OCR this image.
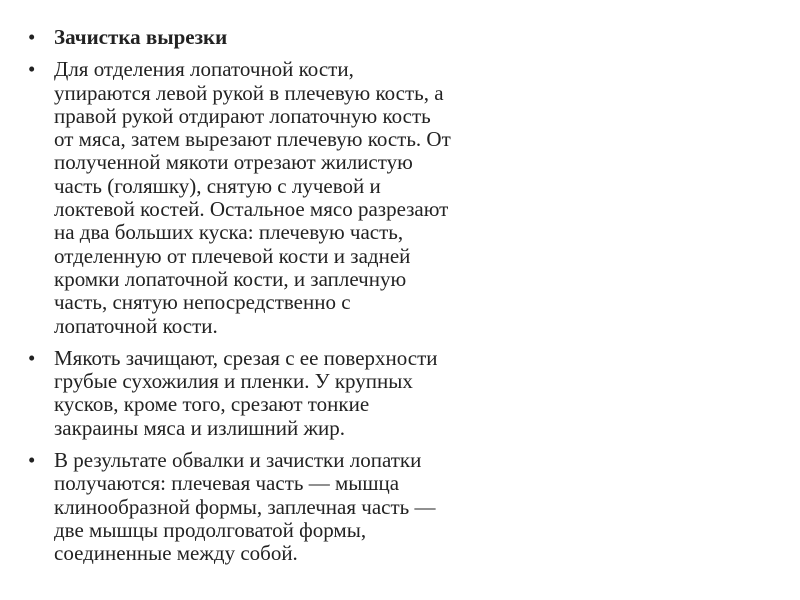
• Зачистка вырезки
• Для отделения лопаточной кости,
упираются левой рукой в плечевую кость, а
правой рукой отдирают лопаточную кость
от мяса, затем вырезают плечевую кость. От
полученной мякоти отрезают жилистую
часть (голяшку), снятую с лучевой и
локтевой костей. Остальное мясо разрезают
на два больших куска: плечевую часть,
отделенную от плечевой кости и задней
кромки лопаточной кости, и заплечную
часть, снятую непосредственно с
лопаточной кости.
• Мякоть зачищают, срезая с ее поверхности
грубые сухожилия и пленки. У крупных
кусков, кроме того, срезают тонкие
закраины мяса и излишний жир.
• В результате обвалки и зачистки лопатки
получаются: плечевая часть — мышца
клинообразной формы, заплечная часть —
две мышцы продолговатой формы,
соединенные между собой.
